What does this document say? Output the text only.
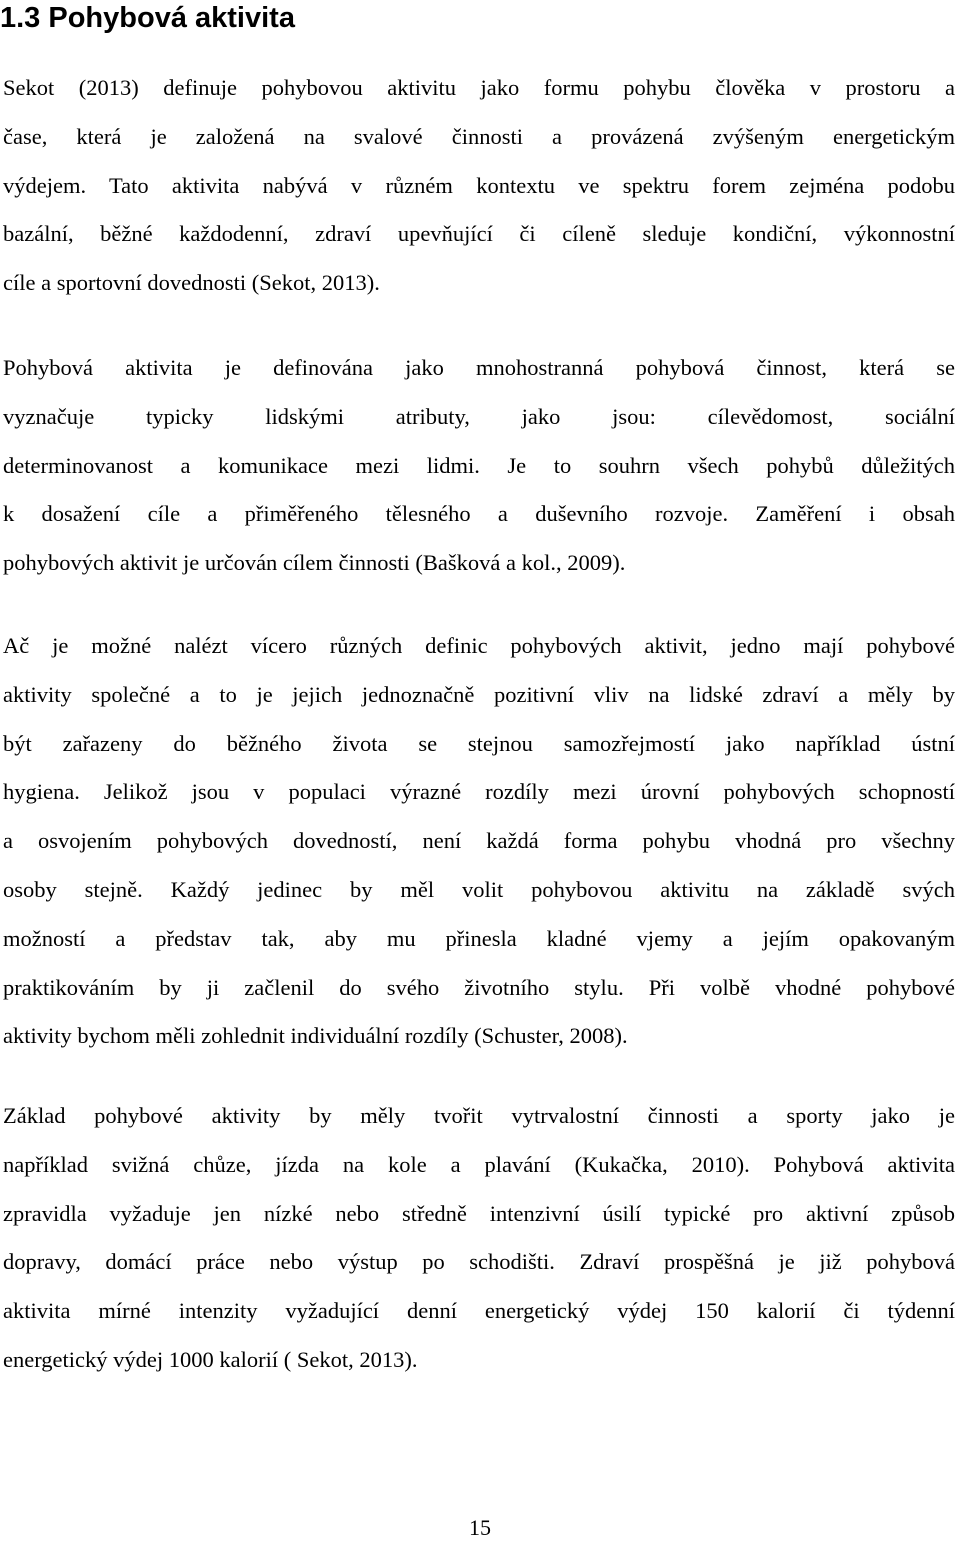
1.3 Pohybová aktivita

Sekot (2013) definuje pohybovou aktivitu jako formu pohybu člověka v prostoru a
čase, která je založená na svalové činnosti a provázená zvýšeným energetickým
výdejem. Tato aktivita nabývá v různém kontextu ve spektru forem zejména podobu
bazální, běžné každodenní, zdraví upevňující či cíleně sleduje kondiční, výkonnostní
cíle a sportovní dovednosti (Sekot, 2013).

Pohybová aktivita je definována jako mnohostranná pohybová činnost, která se
vyznačuje typicky lidskými atributy, jako jsou: cílevědomost, sociální
determinovanost a komunikace mezi lidmi. Je to souhrn všech pohybů důležitých
k dosažení cíle a přiměřeného tělesného a duševního rozvoje. Zaměření i obsah
pohybových aktivit je určován cílem činnosti (Bašková a kol., 2009).

Ač je možné nalézt vícero různých definic pohybových aktivit, jedno mají pohybové
aktivity společné a to je jejich jednoznačně pozitivní vliv na lidské zdraví a měly by
být zařazeny do běžného života se stejnou samozřejmostí jako například ústní
hygiena. Jelikož jsou v populaci výrazné rozdíly mezi úrovní pohybových schopností
a osvojením pohybových dovedností, není každá forma pohybu vhodná pro všechny
osoby stejně. Každý jedinec by měl volit pohybovou aktivitu na základě svých
možností a představ tak, aby mu přinesla kladné vjemy a jejím opakovaným
praktikováním by ji začlenil do svého životního stylu. Při volbě vhodné pohybové
aktivity bychom měli zohlednit individuální rozdíly (Schuster, 2008).

Základ pohybové aktivity by měly tvořit vytrvalostní činnosti a sporty jako je
například svižná chůze, jízda na kole a plavání (Kukačka, 2010). Pohybová aktivita
zpravidla vyžaduje jen nízké nebo středně intenzivní úsilí typické pro aktivní způsob
dopravy, domácí práce nebo výstup po schodišti. Zdraví prospěšná je již pohybová
aktivita mírné intenzity vyžadující denní energetický výdej 150 kalorií či týdenní
energetický výdej 1000 kalorií ( Sekot, 2013).

15
